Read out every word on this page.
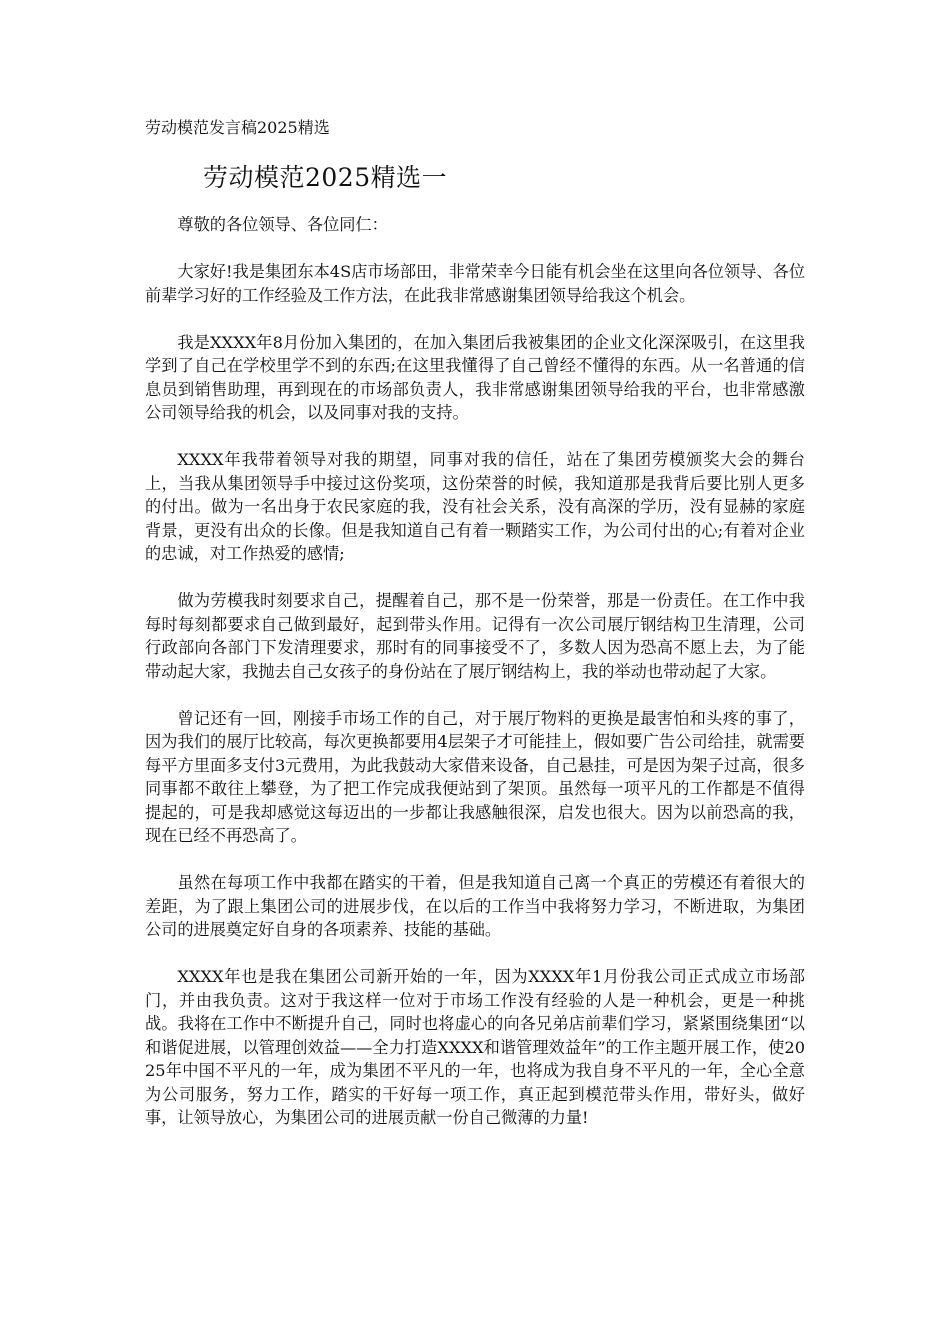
劳动模范发言稿2025精选
劳动模范2025精选一

尊敬的各位领导、各位同仁：

大家好!我是集团东本4S店市场部田，非常荣幸今日能有机会坐在这里向各位领导、各位前辈学习好的工作经验及工作方法，在此我非常感谢集团领导给我这个机会。

我是XXXX年8月份加入集团的，在加入集团后我被集团的企业文化深深吸引，在这里我学到了自己在学校里学不到的东西;在这里我懂得了自己曾经不懂得的东西。从一名普通的信息员到销售助理，再到现在的市场部负责人，我非常感谢集团领导给我的平台，也非常感激公司领导给我的机会，以及同事对我的支持。

XXXX年我带着领导对我的期望，同事对我的信任，站在了集团劳模颁奖大会的舞台上，当我从集团领导手中接过这份奖项，这份荣誉的时候，我知道那是我背后要比别人更多的付出。做为一名出身于农民家庭的我，没有社会关系，没有高深的学历，没有显赫的家庭背景，更没有出众的长像。但是我知道自己有着一颗踏实工作，为公司付出的心;有着对企业的忠诚，对工作热爱的感情;

做为劳模我时刻要求自己，提醒着自己，那不是一份荣誉，那是一份责任。在工作中我每时每刻都要求自己做到最好，起到带头作用。记得有一次公司展厅钢结构卫生清理，公司行政部向各部门下发清理要求，那时有的同事接受不了，多数人因为恐高不愿上去，为了能带动起大家，我抛去自己女孩子的身份站在了展厅钢结构上，我的举动也带动起了大家。

曾记还有一回，刚接手市场工作的自己，对于展厅物料的更换是最害怕和头疼的事了，因为我们的展厅比较高，每次更换都要用4层架子才可能挂上，假如要广告公司给挂，就需要每平方里面多支付3元费用，为此我鼓动大家借来设备，自己悬挂，可是因为架子过高，很多同事都不敢往上攀登，为了把工作完成我便站到了架顶。虽然每一项平凡的工作都是不值得提起的，可是我却感觉这每迈出的一步都让我感触很深，启发也很大。因为以前恐高的我，现在已经不再恐高了。

虽然在每项工作中我都在踏实的干着，但是我知道自己离一个真正的劳模还有着很大的差距，为了跟上集团公司的进展步伐，在以后的工作当中我将努力学习，不断进取，为集团公司的进展奠定好自身的各项素养、技能的基础。

XXXX年也是我在集团公司新开始的一年，因为XXXX年1月份我公司正式成立市场部门，并由我负责。这对于我这样一位对于市场工作没有经验的人是一种机会，更是一种挑战。我将在工作中不断提升自己，同时也将虚心的向各兄弟店前辈们学习，紧紧围绕集团“以和谐促进展，以管理创效益——全力打造XXXX和谐管理效益年”的工作主题开展工作，使2025年中国不平凡的一年，成为集团不平凡的一年，也将成为我自身不平凡的一年，全心全意为公司服务，努力工作，踏实的干好每一项工作，真正起到模范带头作用，带好头，做好事，让领导放心，为集团公司的进展贡献一份自己微薄的力量!
